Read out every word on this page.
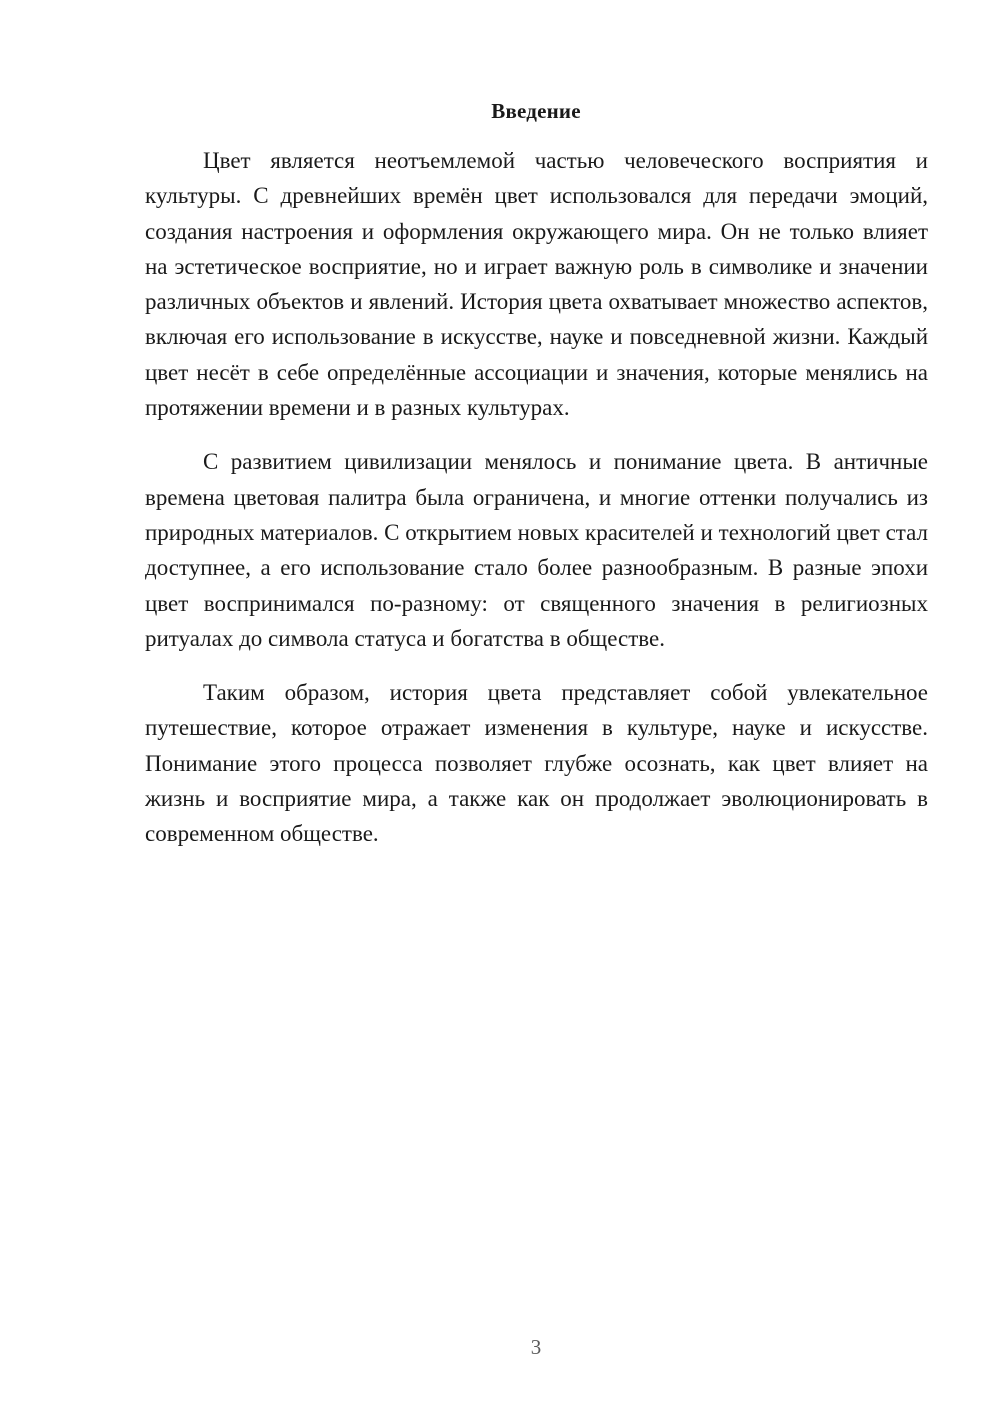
Введение

Цвет является неотъемлемой частью человеческого восприятия и культуры. С древнейших времён цвет использовался для передачи эмоций, создания настроения и оформления окружающего мира. Он не только влияет на эстетическое восприятие, но и играет важную роль в символике и значении различных объектов и явлений. История цвета охватывает множество аспектов, включая его использование в искусстве, науке и повседневной жизни. Каждый цвет несёт в себе определённые ассоциации и значения, которые менялись на протяжении времени и в разных культурах.

С развитием цивилизации менялось и понимание цвета. В античные времена цветовая палитра была ограничена, и многие оттенки получались из природных материалов. С открытием новых красителей и технологий цвет стал доступнее, а его использование стало более разнообразным. В разные эпохи цвет воспринимался по-разному: от священного значения в религиозных ритуалах до символа статуса и богатства в обществе.

Таким образом, история цвета представляет собой увлекательное путешествие, которое отражает изменения в культуре, науке и искусстве. Понимание этого процесса позволяет глубже осознать, как цвет влияет на жизнь и восприятие мира, а также как он продолжает эволюционировать в современном обществе.

3
